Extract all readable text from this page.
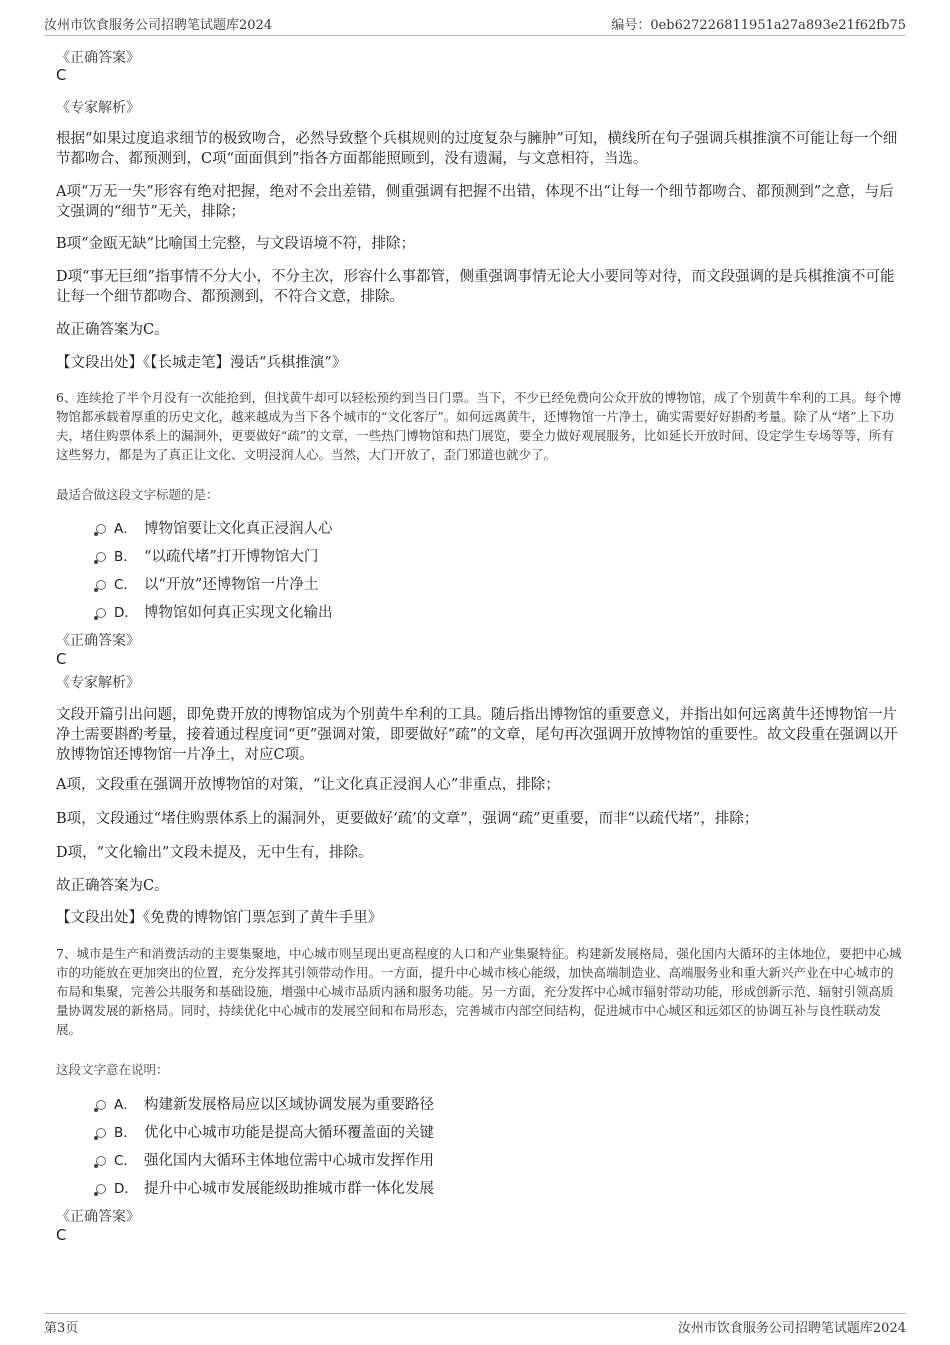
汝州市饮食服务公司招聘笔试题库2024	编号：0eb627226811951a27a893e21f62fb75
《正确答案》
C
《专家解析》
根据“如果过度追求细节的极致吻合，必然导致整个兵棋规则的过度复杂与臃肿”可知，横线所在句子强调兵棋推演不可能让每一个细节都吻合、都预测到，C项“面面俱到”指各方面都能照顾到，没有遗漏，与文意相符，当选。
A项“万无一失”形容有绝对把握，绝对不会出差错，侧重强调有把握不出错，体现不出“让每一个细节都吻合、都预测到”之意，与后文强调的“细节”无关，排除；
B项“金瓯无缺”比喻国土完整，与文段语境不符，排除；
D项“事无巨细”指事情不分大小，不分主次，形容什么事都管，侧重强调事情无论大小要同等对待，而文段强调的是兵棋推演不可能让每一个细节都吻合、都预测到，不符合文意，排除。
故正确答案为C。
【文段出处】《【长城走笔】漫话“兵棋推演”》
6、连续抢了半个月没有一次能抢到，但找黄牛却可以轻松预约到当日门票。当下，不少已经免费向公众开放的博物馆，成了个别黄牛牟利的工具。每个博物馆都承载着厚重的历史文化，越来越成为当下各个城市的“文化客厅”。如何远离黄牛，还博物馆一片净土，确实需要好好斟酌考量。除了从“堵”上下功夫，堵住购票体系上的漏洞外，更要做好“疏”的文章，一些热门博物馆和热门展览，要全力做好观展服务，比如延长开放时间、设定学生专场等等，所有这些努力，都是为了真正让文化、文明浸润人心。当然，大门开放了，歪门邪道也就少了。
最适合做这段文字标题的是：
A． 博物馆要让文化真正浸润人心
B． “以疏代堵”打开博物馆大门
C． 以“开放”还博物馆一片净土
D． 博物馆如何真正实现文化输出
《正确答案》
C
《专家解析》
文段开篇引出问题，即免费开放的博物馆成为个别黄牛牟利的工具。随后指出博物馆的重要意义，并指出如何远离黄牛还博物馆一片净土需要斟酌考量，接着通过程度词“更”强调对策，即要做好“疏”的文章，尾句再次强调开放博物馆的重要性。故文段重在强调以开放博物馆还博物馆一片净土，对应C项。
A项，文段重在强调开放博物馆的对策，“让文化真正浸润人心”非重点，排除；
B项，文段通过“堵住购票体系上的漏洞外，更要做好‘疏’的文章”，强调“疏”更重要，而非“以疏代堵”，排除；
D项，“文化输出”文段未提及，无中生有，排除。
故正确答案为C。
【文段出处】《免费的博物馆门票怎到了黄牛手里》
7、城市是生产和消费活动的主要集聚地，中心城市则呈现出更高程度的人口和产业集聚特征。构建新发展格局，强化国内大循环的主体地位，要把中心城市的功能放在更加突出的位置，充分发挥其引领带动作用。一方面，提升中心城市核心能级，加快高端制造业、高端服务业和重大新兴产业在中心城市的布局和集聚，完善公共服务和基础设施，增强中心城市品质内涵和服务功能。另一方面，充分发挥中心城市辐射带动功能，形成创新示范、辐射引领高质量协调发展的新格局。同时，持续优化中心城市的发展空间和布局形态，完善城市内部空间结构，促进城市中心城区和远郊区的协调互补与良性联动发展。
这段文字意在说明：
A． 构建新发展格局应以区域协调发展为重要路径
B． 优化中心城市功能是提高大循环覆盖面的关键
C． 强化国内大循环主体地位需中心城市发挥作用
D． 提升中心城市发展能级助推城市群一体化发展
《正确答案》
C
第3页	汝州市饮食服务公司招聘笔试题库2024
